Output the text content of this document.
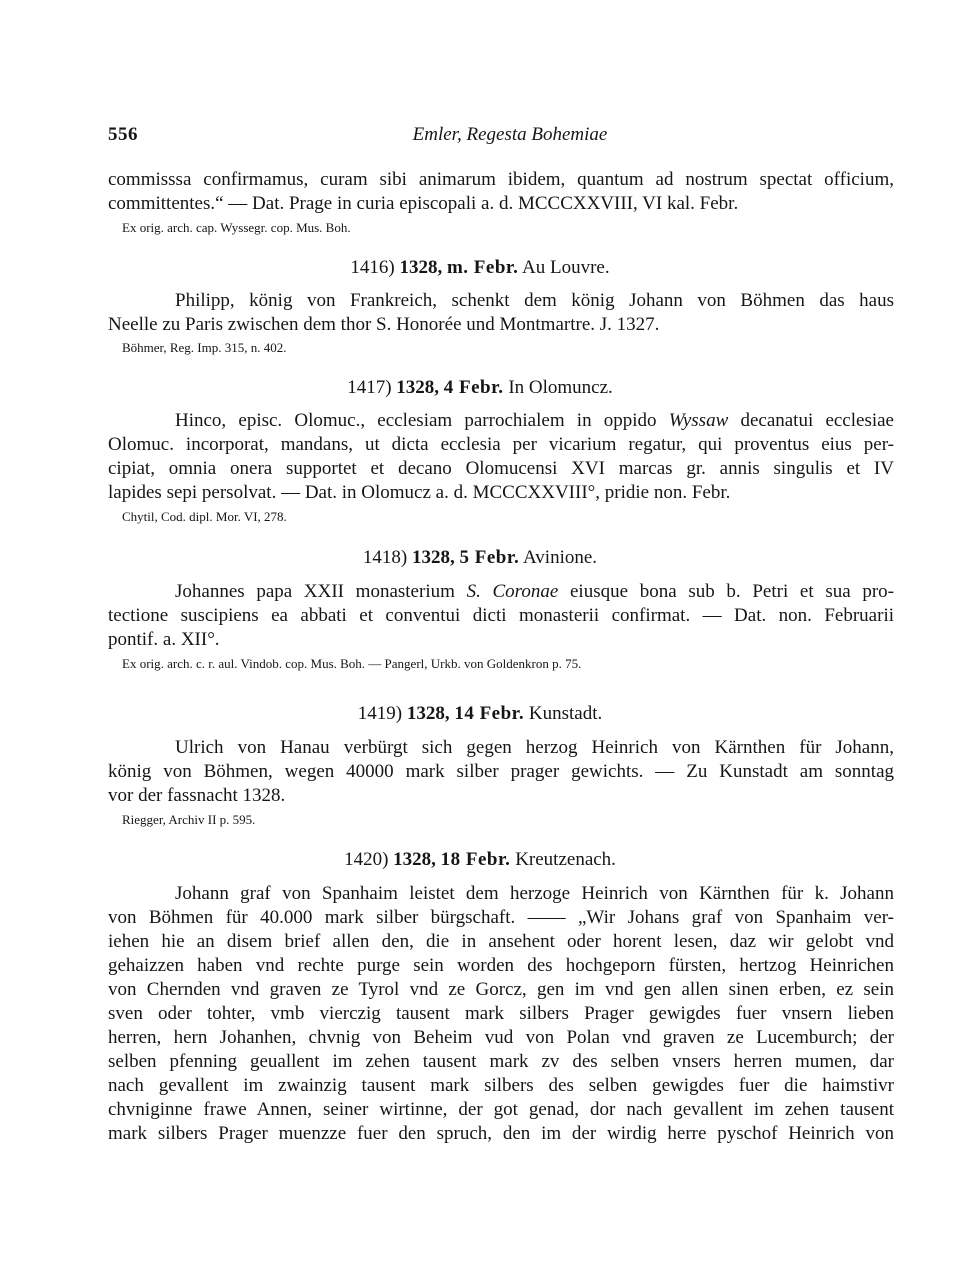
556	Emler, Regesta Bohemiae
commisssa confirmamus, curam sibi animarum ibidem, quantum ad nostrum spectat officium,
committentes.“ — Dat. Prage in curia episcopali a. d. MCCCXXVIII, VI kal. Febr.
Ex orig. arch. cap. Wyssegr. cop. Mus. Boh.
1416) 1328, m. Febr. Au Louvre.
Philipp, könig von Frankreich, schenkt dem könig Johann von Böhmen das haus
Neelle zu Paris zwischen dem thor S. Honorée und Montmartre. J. 1327.
Böhmer, Reg. Imp. 315, n. 402.
1417) 1328, 4 Febr. In Olomuncz.
Hinco, episc. Olomuc., ecclesiam parrochialem in oppido Wyssaw decanatui ecclesiae
Olomuc. incorporat, mandans, ut dicta ecclesia per vicarium regatur, qui proventus eius per-
cipiat, omnia onera supportet et decano Olomucensi XVI marcas gr. annis singulis et IV
lapides sepi persolvat. — Dat. in Olomucz a. d. MCCCXXVIII°, pridie non. Febr.
Chytil, Cod. dipl. Mor. VI, 278.
1418) 1328, 5 Febr. Avinione.
Johannes papa XXII monasterium S. Coronae eiusque bona sub b. Petri et sua pro-
tectione suscipiens ea abbati et conventui dicti monasterii confirmat. — Dat. non. Februarii
pontif. a. XII°.
Ex orig. arch. c. r. aul. Vindob. cop. Mus. Boh. — Pangerl, Urkb. von Goldenkron p. 75.
1419) 1328, 14 Febr. Kunstadt.
Ulrich von Hanau verbürgt sich gegen herzog Heinrich von Kärnthen für Johann,
könig von Böhmen, wegen 40000 mark silber prager gewichts. — Zu Kunstadt am sonntag
vor der fassnacht 1328.
Riegger, Archiv II p. 595.
1420) 1328, 18 Febr. Kreutzenach.
Johann graf von Spanhaim leistet dem herzoge Heinrich von Kärnthen für k. Johann
von Böhmen für 40.000 mark silber bürgschaft. —— „Wir Johans graf von Spanhaim ver-
iehen hie an disem brief allen den, die in ansehent oder horent lesen, daz wir gelobt vnd
gehaizzen haben vnd rechte purge sein worden des hochgeporn fürsten, hertzog Heinrichen
von Chernden vnd graven ze Tyrol vnd ze Gorcz, gen im vnd gen allen sinen erben, ez sein
sven oder tohter, vmb vierczig tausent mark silbers Prager gewigdes fuer vnsern lieben
herren, hern Johanhen, chvnig von Beheim vud von Polan vnd graven ze Lucemburch; der
selben pfenning geuallent im zehen tausent mark zv des selben vnsers herren mumen, dar
nach gevallent im zwainzig tausent mark silbers des selben gewigdes fuer die haimstivr
chvniginne frawe Annen, seiner wirtinne, der got genad, dor nach gevallent im zehen tausent
mark silbers Prager muenzze fuer den spruch, den im der wirdig herre pyschof Heinrich von
